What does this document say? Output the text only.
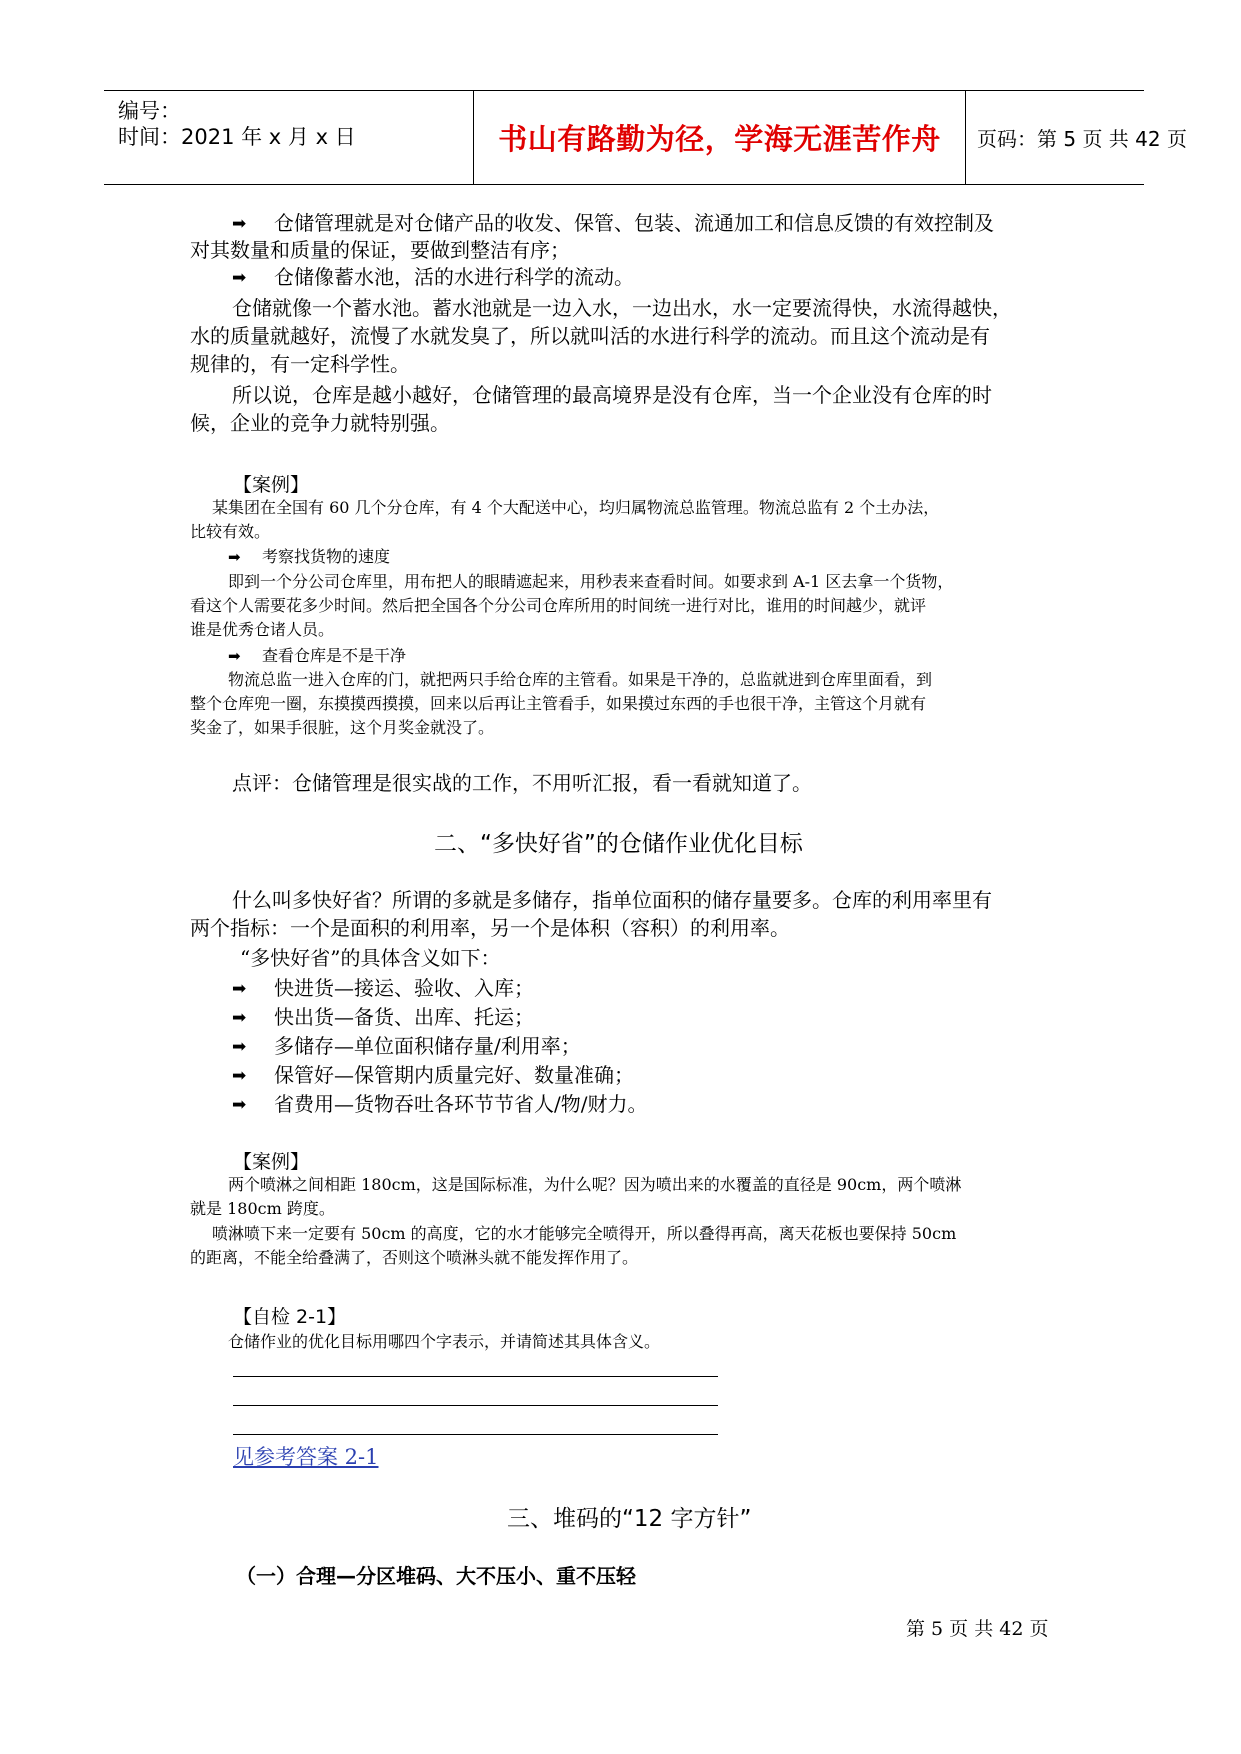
编号：
时间：2021 年 x 月 x 日	书山有路勤为径，学海无涯苦作舟 页码：第 5 页 共 42 页
➡ 仓储管理就是对仓储产品的收发、保管、包装、流通加工和信息反馈的有效控制及
对其数量和质量的保证，要做到整洁有序；
➡ 仓储像蓄水池，活的水进行科学的流动。
仓储就像一个蓄水池。蓄水池就是一边入水，一边出水，水一定要流得快，水流得越快，
水的质量就越好，流慢了水就发臭了，所以就叫活的水进行科学的流动。而且这个流动是有
规律的，有一定科学性。
所以说，仓库是越小越好，仓储管理的最高境界是没有仓库，当一个企业没有仓库的时
候，企业的竞争力就特别强。
【案例】
某集团在全国有 60 几个分仓库，有 4 个大配送中心，均归属物流总监管理。物流总监有 2 个土办法，
比较有效。
➡ 考察找货物的速度
即到一个分公司仓库里，用布把人的眼睛遮起来，用秒表来查看时间。如要求到 A-1 区去拿一个货物，
看这个人需要花多少时间。然后把全国各个分公司仓库所用的时间统一进行对比，谁用的时间越少，就评
谁是优秀仓诸人员。
➡ 查看仓库是不是干净
物流总监一进入仓库的门，就把两只手给仓库的主管看。如果是干净的，总监就进到仓库里面看，到
整个仓库兜一圈，东摸摸西摸摸，回来以后再让主管看手，如果摸过东西的手也很干净，主管这个月就有
奖金了，如果手很脏，这个月奖金就没了。
点评：仓储管理是很实战的工作，不用听汇报，看一看就知道了。
二、“多快好省”的仓储作业优化目标
什么叫多快好省？所谓的多就是多储存，指单位面积的储存量要多。仓库的利用率里有
两个指标：一个是面积的利用率，另一个是体积（容积）的利用率。
“多快好省”的具体含义如下：
➡ 快进货—接运、验收、入库；
➡ 快出货—备货、出库、托运；
➡ 多储存—单位面积储存量/利用率；
➡ 保管好—保管期内质量完好、数量准确；
➡ 省费用—货物吞吐各环节节省人/物/财力。
【案例】
两个喷淋之间相距 180cm，这是国际标准，为什么呢？因为喷出来的水覆盖的直径是 90cm，两个喷淋
就是 180cm 跨度。
喷淋喷下来一定要有 50cm 的高度，它的水才能够完全喷得开，所以叠得再高，离天花板也要保持 50cm
的距离，不能全给叠满了，否则这个喷淋头就不能发挥作用了。
【自检 2-1】
仓储作业的优化目标用哪四个字表示，并请简述其具体含义。
见参考答案 2-1
三、堆码的“12 字方针”
（一）合理—分区堆码、大不压小、重不压轻
第 5 页 共 42 页
